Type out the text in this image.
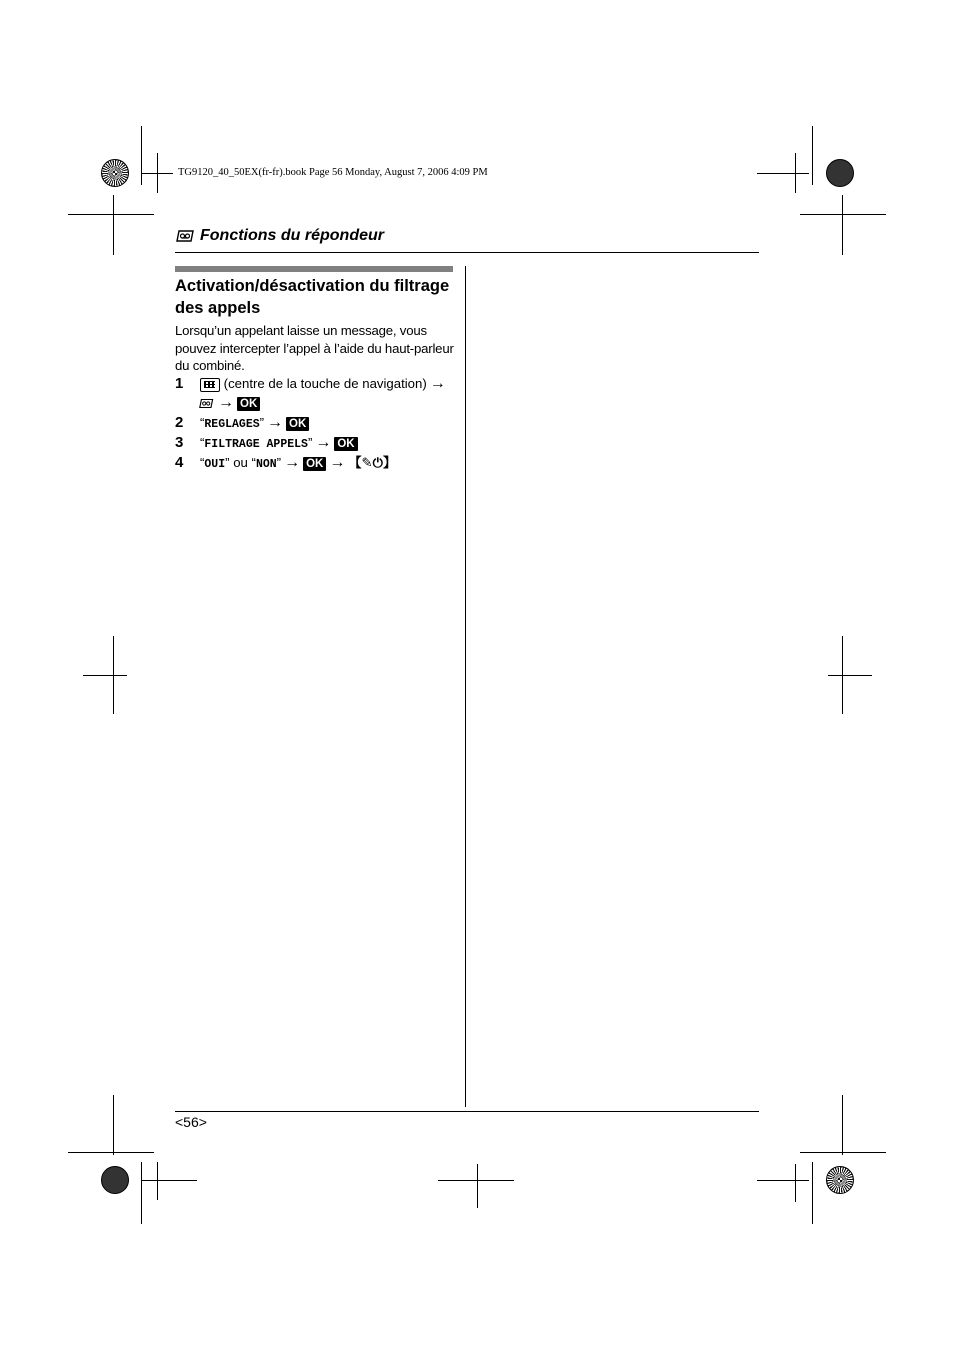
TG9120_40_50EX(fr-fr).book Page 56 Monday, August 7, 2006 4:09 PM
Fonctions du répondeur
Activation/désactivation du filtrage des appels
Lorsqu’un appelant laisse un message, vous pouvez intercepter l’appel à l’aide du haut-parleur du combiné.
1	(centre de la touche de navigation) →
→ OK
2 “REGLAGES” → OK
3 “FILTRAGE APPELS” → OK
4 “OUI” ou “NON” → OK → 【✎⏻】
<56>
